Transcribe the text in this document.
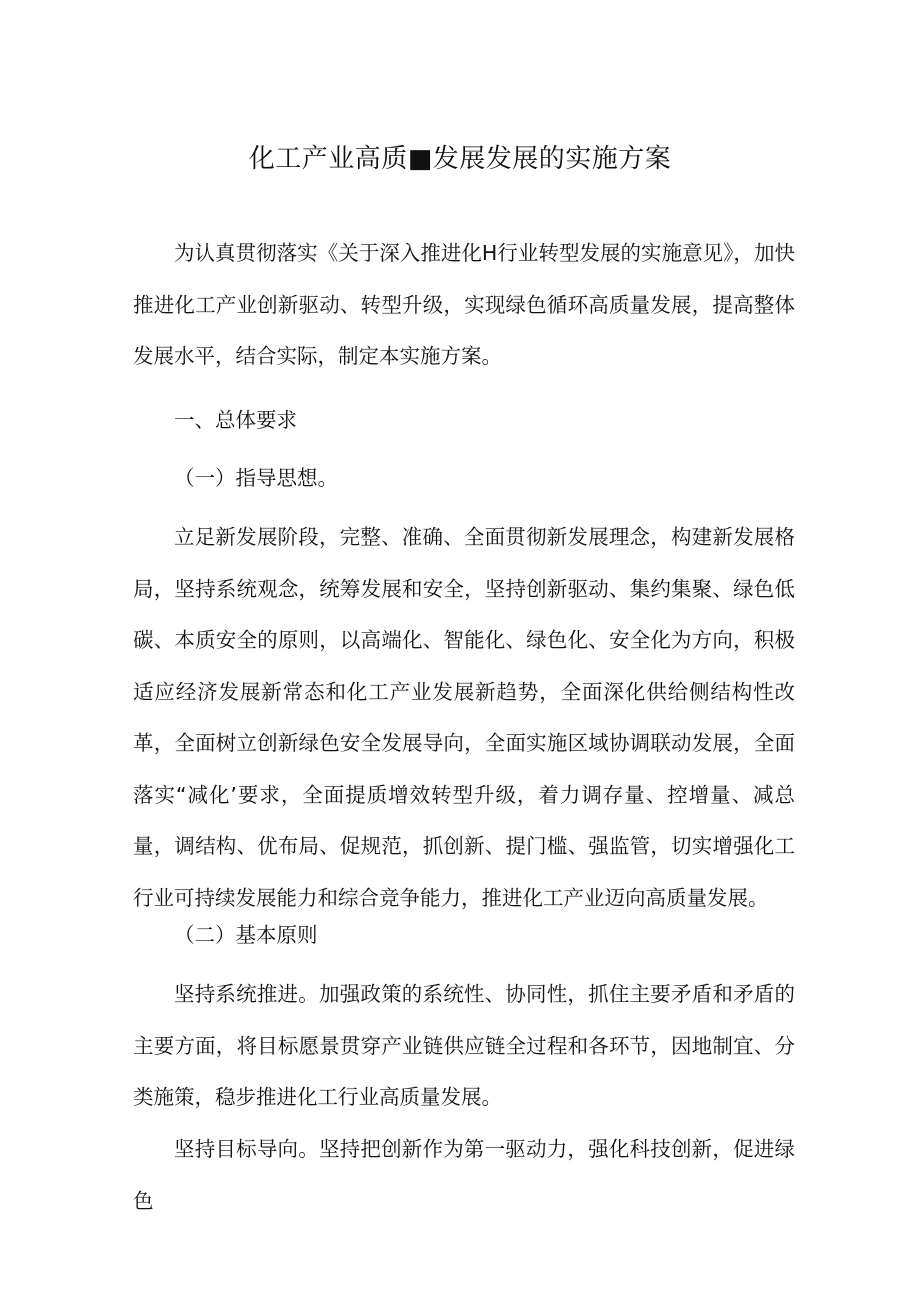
化工产业高质■发展发展的实施方案

为认真贯彻落实《关于深入推进化H行业转型发展的实施意见》，加快推进化工产业创新驱动、转型升级，实现绿色循环高质量发展，提高整体发展水平，结合实际，制定本实施方案。

一、总体要求
（一）指导思想。

立足新发展阶段，完整、准确、全面贯彻新发展理念，构建新发展格局，坚持系统观念，统筹发展和安全，坚持创新驱动、集约集聚、绿色低碳、本质安全的原则，以高端化、智能化、绿色化、安全化为方向，积极适应经济发展新常态和化工产业发展新趋势，全面深化供给侧结构性改革，全面树立创新绿色安全发展导向，全面实施区域协调联动发展，全面落实“减化’要求，全面提质增效转型升级，着力调存量、控增量、减总量，调结构、优布局、促规范，抓创新、提门槛、强监管，切实增强化工行业可持续发展能力和综合竞争能力，推进化工产业迈向高质量发展。

（二）基本原则

坚持系统推进。加强政策的系统性、协同性，抓住主要矛盾和矛盾的主要方面，将目标愿景贯穿产业链供应链全过程和各环节，因地制宜、分类施策，稳步推进化工行业高质量发展。

坚持目标导向。坚持把创新作为第一驱动力，强化科技创新，促进绿色
